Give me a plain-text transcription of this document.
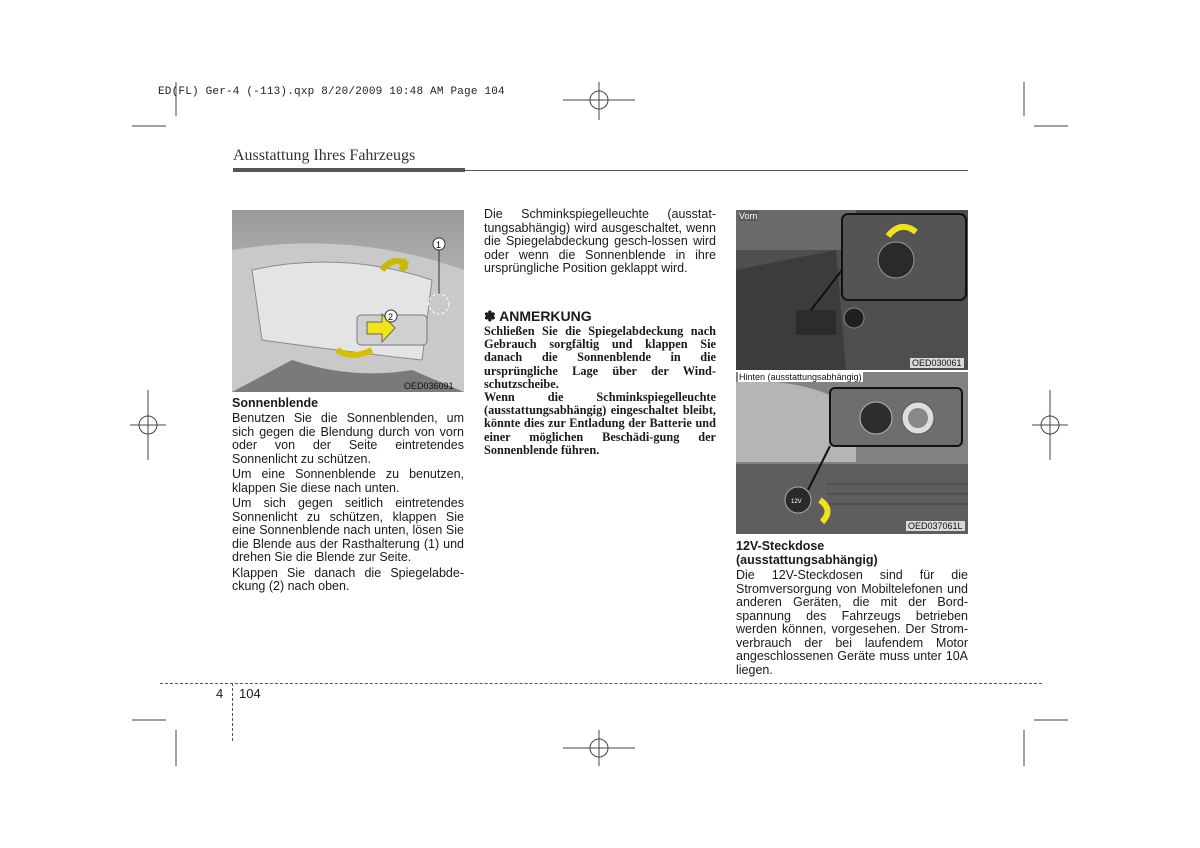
ED(FL) Ger-4 (-113).qxp 8/20/2009 10:48 AM Page 104
Ausstattung Ihres Fahrzeugs
1
2
OED036091
Sonnenblende

Benutzen Sie die Sonnenblenden, um sich gegen die Blendung durch von vorn oder von der Seite eintretendes Sonnenlicht zu schützen.

Um eine Sonnenblende zu benutzen, klappen Sie diese nach unten.

Um sich gegen seitlich eintretendes Sonnenlicht zu schützen, klappen Sie eine Sonnenblende nach unten, lösen Sie die Blende aus der Rasthalterung (1) und drehen Sie die Blende zur Seite.

Klappen Sie danach die Spiegelabde-ckung (2) nach oben.

Die Schminkspiegelleuchte (ausstat-tungsabhängig) wird ausgeschaltet, wenn die Spiegelabdeckung gesch-lossen wird oder wenn die Sonnenblende in ihre ursprüngliche Position geklappt wird.

✽ ANMERKUNG

Schließen Sie die Spiegelabdeckung nach Gebrauch sorgfältig und klappen Sie danach die Sonnenblende in die ursprüngliche Lage über der Wind-schutzscheibe.

Wenn die Schminkspiegelleuchte (ausstattungsabhängig) eingeschaltet bleibt, könnte dies zur Entladung der Batterie und einer möglichen Beschädi-gung der Sonnenblende führen.

Vorn
OED030061
12V
Hinten (ausstattungsabhängig)
OED037061L
12V-Steckdose
(ausstattungsabhängig)

Die 12V-Steckdosen sind für die Stromversorgung von Mobiltelefonen und anderen Geräten, die mit der Bord-spannung des Fahrzeugs betrieben werden können, vorgesehen. Der Strom-verbrauch der bei laufendem Motor angeschlossenen Geräte muss unter 10A liegen.

4 104
